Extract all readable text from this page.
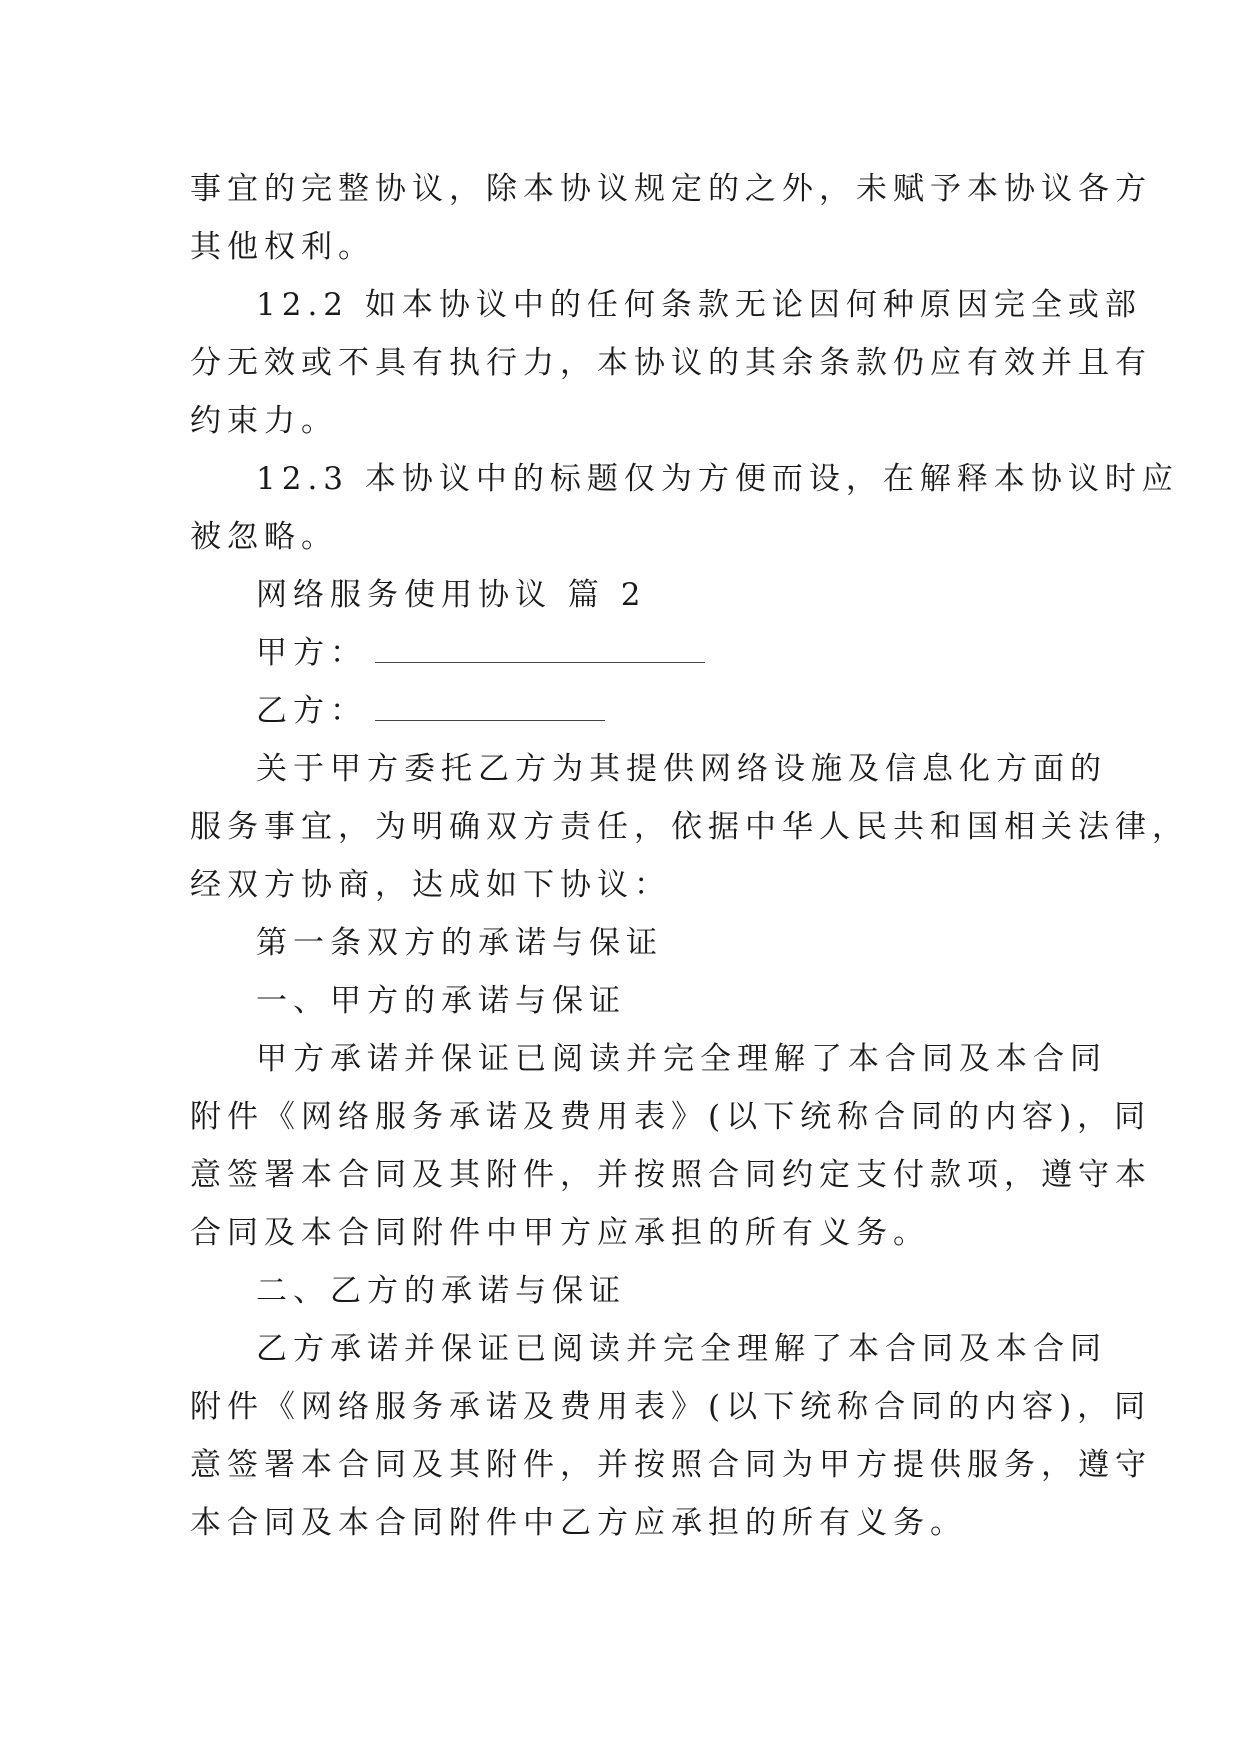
事宜的完整协议，除本协议规定的之外，未赋予本协议各方
其他权利。
12.2 如本协议中的任何条款无论因何种原因完全或部
分无效或不具有执行力，本协议的其余条款仍应有效并且有
约束力。
12.3 本协议中的标题仅为方便而设，在解释本协议时应
被忽略。
网络服务使用协议 篇 2
甲方：
乙方：
关于甲方委托乙方为其提供网络设施及信息化方面的
服务事宜，为明确双方责任，依据中华人民共和国相关法律，
经双方协商，达成如下协议：
第一条双方的承诺与保证
一、甲方的承诺与保证
甲方承诺并保证已阅读并完全理解了本合同及本合同
附件《网络服务承诺及费用表》(以下统称合同的内容)，同
意签署本合同及其附件，并按照合同约定支付款项，遵守本
合同及本合同附件中甲方应承担的所有义务。
二、乙方的承诺与保证
乙方承诺并保证已阅读并完全理解了本合同及本合同
附件《网络服务承诺及费用表》(以下统称合同的内容)，同
意签署本合同及其附件，并按照合同为甲方提供服务，遵守
本合同及本合同附件中乙方应承担的所有义务。
